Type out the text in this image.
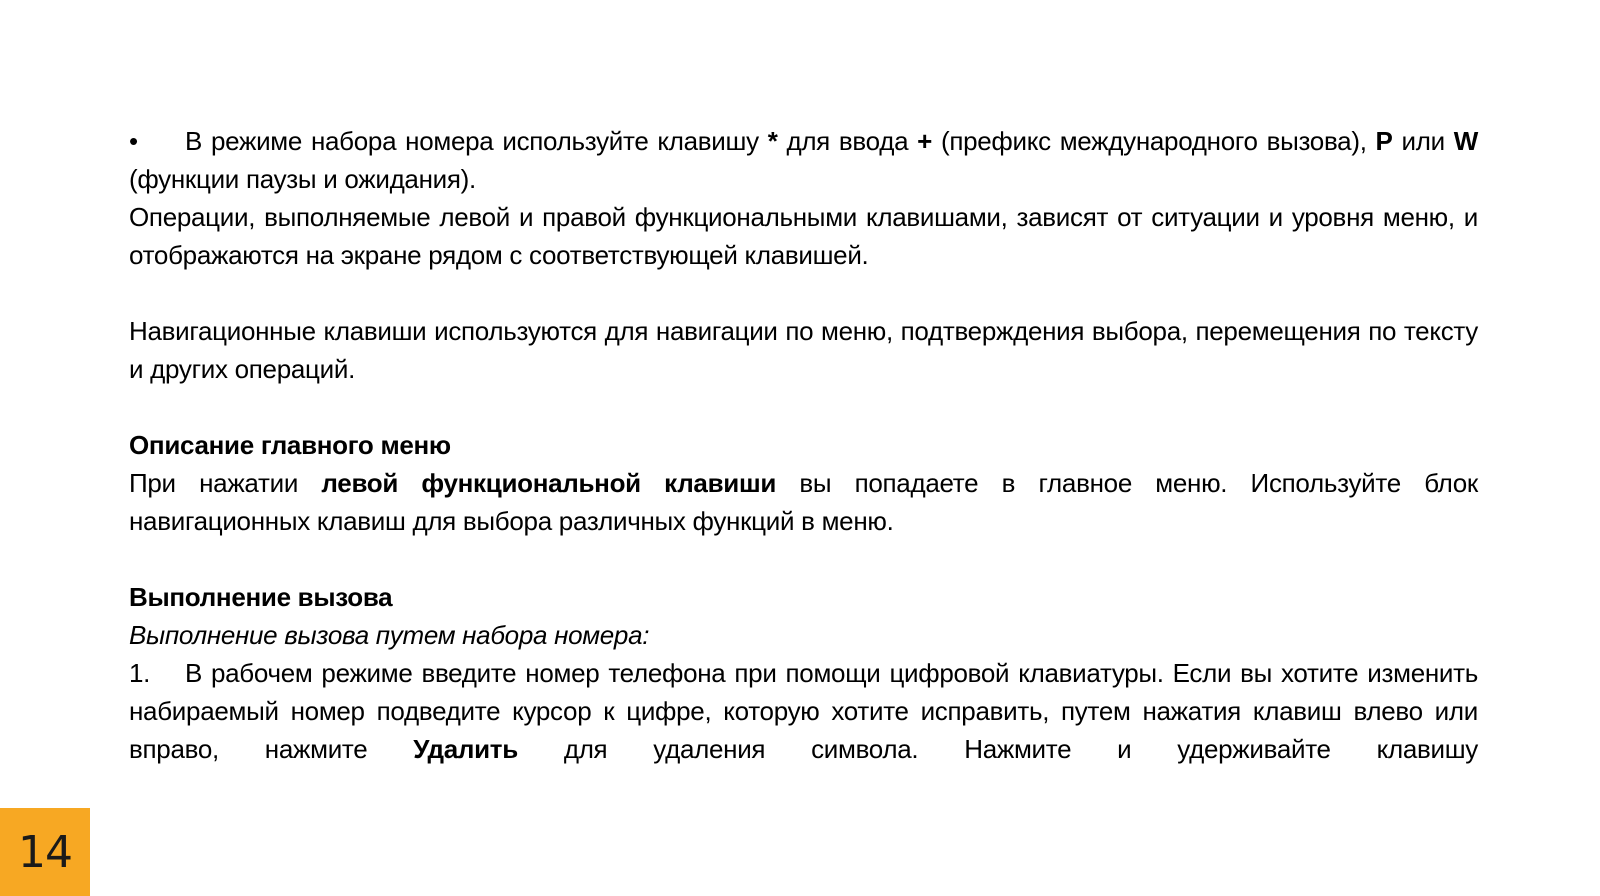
• В режиме набора номера используйте клавишу * для ввода + (префикс международного вызова), P или W (функции паузы и ожидания).

Операции, выполняемые левой и правой функциональными клавишами, зависят от ситуации и уровня меню, и отображаются на экране рядом с соответствующей клавишей.

Навигационные клавиши используются для навигации по меню, подтверждения выбора, перемещения по тексту и других операций.

Описание главного меню

При нажатии левой функциональной клавиши вы попадаете в главное меню. Используйте блок навигационных клавиш для выбора различных функций в меню.

Выполнение вызова

Выполнение вызова путем набора номера:

1. В рабочем режиме введите номер телефона при помощи цифровой клавиатуры. Если вы хотите изменить набираемый номер подведите курсор к цифре, которую хотите исправить, путем нажатия клавиш влево или вправо, нажмите Удалить для удаления символа. Нажмите и удерживайте клавишу

14
